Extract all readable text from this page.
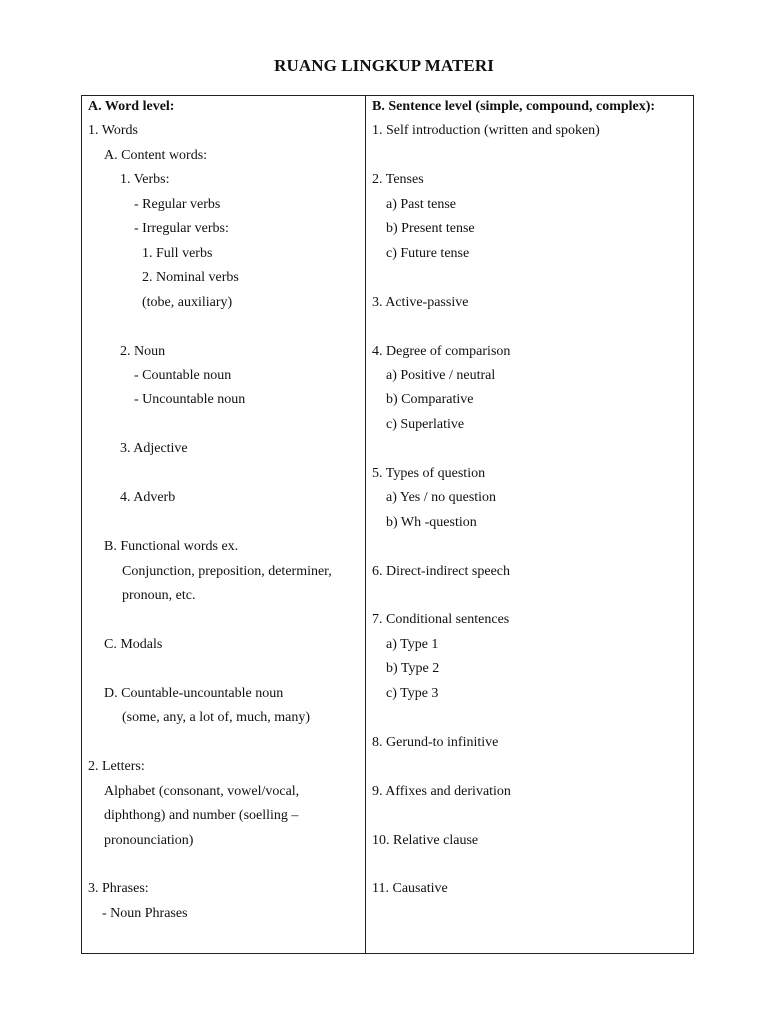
RUANG LINGKUP MATERI
A. Word level:
1. Words
A. Content words:
1. Verbs:
- Regular verbs
- Irregular verbs:
1. Full verbs
2. Nominal verbs
(tobe, auxiliary)
2. Noun
- Countable noun
- Uncountable noun
3. Adjective
4. Adverb
B. Functional words ex.
Conjunction, preposition, determiner,
pronoun, etc.
C. Modals
D. Countable-uncountable noun
(some, any, a lot of, much, many)
2. Letters:
Alphabet (consonant, vowel/vocal,
diphthong) and number (soelling –
pronounciation)
3. Phrases:
- Noun Phrases
B. Sentence level (simple, compound, complex):
1. Self introduction (written and spoken)
2. Tenses
a) Past tense
b) Present tense
c) Future tense
3. Active-passive
4. Degree of comparison
a) Positive / neutral
b) Comparative
c) Superlative
5. Types of question
a) Yes / no question
b) Wh -question
6. Direct-indirect speech
7. Conditional sentences
a) Type 1
b) Type 2
c) Type 3
8. Gerund-to infinitive
9. Affixes and derivation
10. Relative clause
11. Causative
